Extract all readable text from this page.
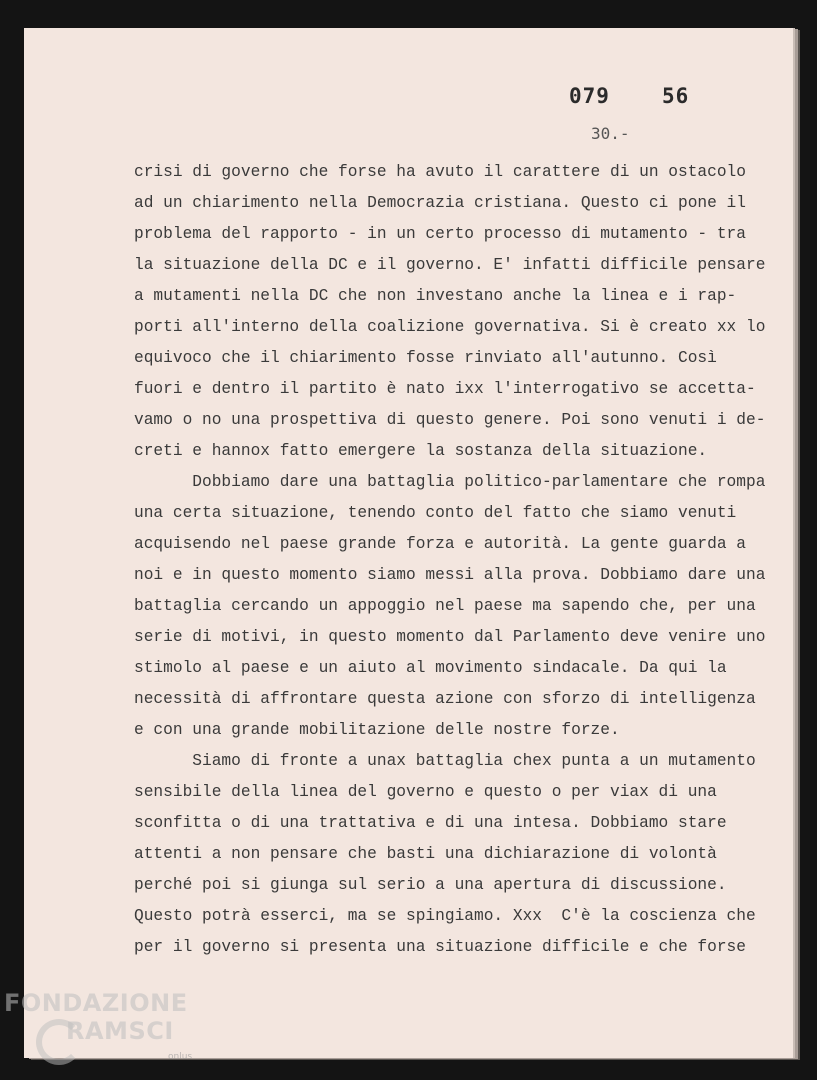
079 56
30.-
crisi di governo che forse ha avuto il carattere di un ostacolo
ad un chiarimento nella Democrazia cristiana. Questo ci pone il
problema del rapporto - in un certo processo di mutamento - tra
la situazione della DC e il governo. E' infatti difficile pensare
a mutamenti nella DC che non investano anche la linea e i rap-
porti all'interno della coalizione governativa. Si è creato xx lo
equivoco che il chiarimento fosse rinviato all'autunno. Così
fuori e dentro il partito è nato ixx l'interrogativo se accetta-
vamo o no una prospettiva di questo genere. Poi sono venuti i de-
creti e hannox fatto emergere la sostanza della situazione.
Dobbiamo dare una battaglia politico-parlamentare che rompa
una certa situazione, tenendo conto del fatto che siamo venuti
acquisendo nel paese grande forza e autorità. La gente guarda a
noi e in questo momento siamo messi alla prova. Dobbiamo dare una
battaglia cercando un appoggio nel paese ma sapendo che, per una
serie di motivi, in questo momento dal Parlamento deve venire uno
stimolo al paese e un aiuto al movimento sindacale. Da qui la
necessità di affrontare questa azione con sforzo di intelligenza
e con una grande mobilitazione delle nostre forze.
Siamo di fronte a unax battaglia chex punta a un mutamento
sensibile della linea del governo e questo o per viax di una
sconfitta o di una trattativa e di una intesa. Dobbiamo stare
attenti a non pensare che basti una dichiarazione di volontà
perché poi si giunga sul serio a una apertura di discussione.
Questo potrà esserci, ma se spingiamo. Xxx  C'è la coscienza che
per il governo si presenta una situazione difficile e che forse
FONDAZIONE
RAMSCI
onlus
